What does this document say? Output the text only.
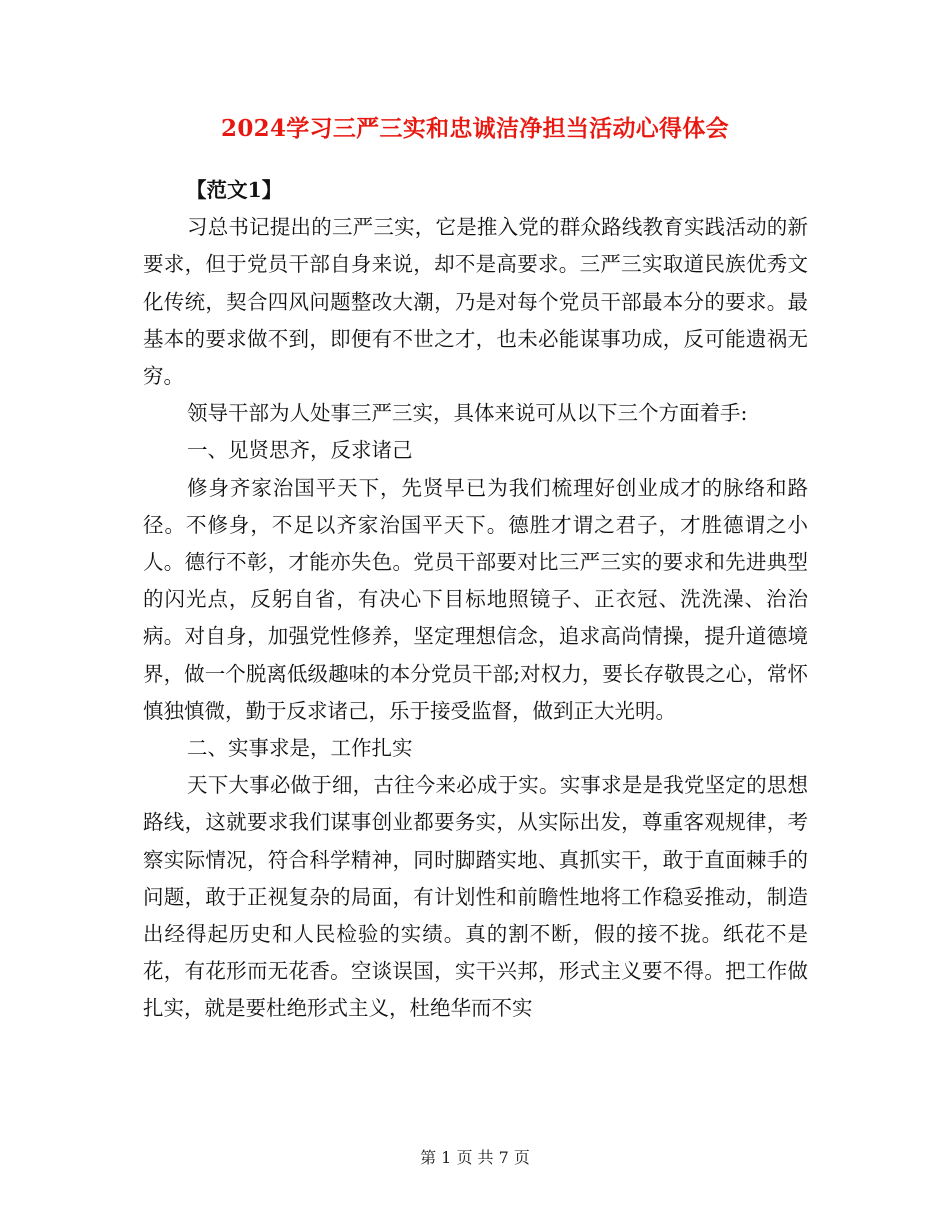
2024学习三严三实和忠诚洁净担当活动心得体会

【范文1】

习总书记提出的三严三实，它是推入党的群众路线教育实践活动的新要求，但于党员干部自身来说，却不是高要求。三严三实取道民族优秀文化传统，契合四风问题整改大潮，乃是对每个党员干部最本分的要求。最基本的要求做不到，即便有不世之才，也未必能谋事功成，反可能遗祸无穷。

领导干部为人处事三严三实，具体来说可从以下三个方面着手:

一、见贤思齐，反求诸己

修身齐家治国平天下，先贤早已为我们梳理好创业成才的脉络和路径。不修身，不足以齐家治国平天下。德胜才谓之君子，才胜德谓之小人。德行不彰，才能亦失色。党员干部要对比三严三实的要求和先进典型的闪光点，反躬自省，有决心下目标地照镜子、正衣冠、洗洗澡、治治病。对自身，加强党性修养，坚定理想信念，追求高尚情操，提升道德境界，做一个脱离低级趣味的本分党员干部;对权力，要长存敬畏之心，常怀慎独慎微，勤于反求诸己，乐于接受监督，做到正大光明。

二、实事求是，工作扎实

天下大事必做于细，古往今来必成于实。实事求是是我党坚定的思想路线，这就要求我们谋事创业都要务实，从实际出发，尊重客观规律，考察实际情况，符合科学精神，同时脚踏实地、真抓实干，敢于直面棘手的问题，敢于正视复杂的局面，有计划性和前瞻性地将工作稳妥推动，制造出经得起历史和人民检验的实绩。真的割不断，假的接不拢。纸花不是花，有花形而无花香。空谈误国，实干兴邦，形式主义要不得。把工作做扎实，就是要杜绝形式主义，杜绝华而不实

第 1 页 共 7 页
